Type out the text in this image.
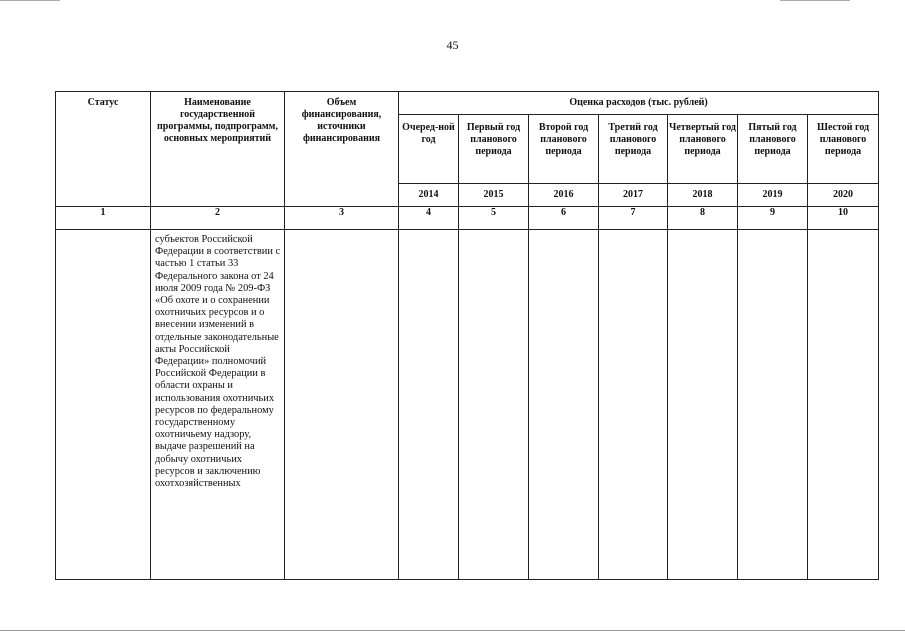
45
Статус	Наименование государственной программы, подпрограмм, основных мероприятий	Объем финансирования, источники финансирования	Оценка расходов (тыс. рублей)						
			Очеред-ной год	Первый год планового периода	Второй год планового периода	Третий год планового периода	Четвертый год планового периода	Пятый год планового периода	Шестой год планового периода
			2014	2015	2016	2017	2018	2019	2020
1	2	3	4	5	6	7	8	9	10
	субъектов Российской Федерации в соответствии с частью 1 статьи 33 Федерального закона от 24 июля 2009 года № 209-ФЗ «Об охоте и о сохранении охотничьих ресурсов и о внесении изменений в отдельные законодательные акты Российской Федерации» полномочий Российской Федерации в области охраны и использования охотничьих ресурсов по федеральному государственному охотничьему надзору, выдаче разрешений на добычу охотничьих ресурсов и заключению охотхозяйственных								
